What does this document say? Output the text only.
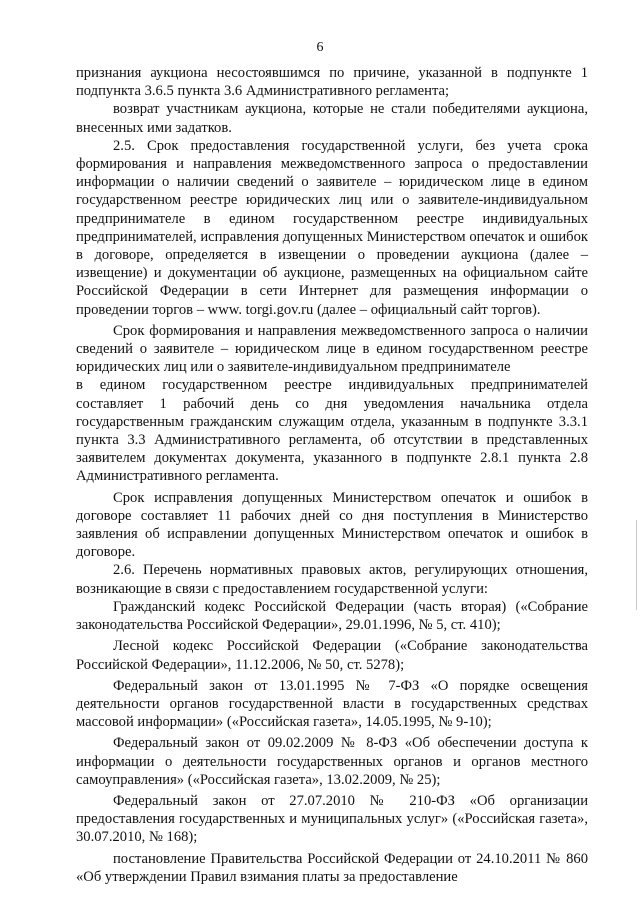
6

признания аукциона несостоявшимся по причине, указанной в подпункте 1 подпункта 3.6.5 пункта 3.6 Административного регламента;

возврат участникам аукциона, которые не стали победителями аукциона, внесенных ими задатков.

2.5. Срок предоставления государственной услуги, без учета срока формирования и направления межведомственного запроса о предоставлении информации о наличии сведений о заявителе – юридическом лице в едином государственном реестре юридических лиц или о заявителе-индивидуальном предпринимателе в едином государственном реестре индивидуальных предпринимателей, исправления допущенных Министерством опечаток и ошибок в договоре, определяется в извещении о проведении аукциона (далее – извещение) и документации об аукционе, размещенных на официальном сайте Российской Федерации в сети Интернет для размещения информации о проведении торгов – www. torgi.gov.ru (далее – официальный сайт торгов).

Срок формирования и направления межведомственного запроса о наличии сведений о заявителе – юридическом лице в едином государственном реестре юридических лиц или о заявителе-индивидуальном предпринимателе

в едином государственном реестре индивидуальных предпринимателей составляет 1 рабочий день со дня уведомления начальника отдела государственным гражданским служащим отдела, указанным в подпункте 3.3.1 пункта 3.3 Административного регламента, об отсутствии в представленных заявителем документах документа, указанного в подпункте 2.8.1 пункта 2.8 Административного регламента.

Срок исправления допущенных Министерством опечаток и ошибок в договоре составляет 11 рабочих дней со дня поступления в Министерство заявления об исправлении допущенных Министерством опечаток и ошибок в договоре.

2.6. Перечень нормативных правовых актов, регулирующих отношения, возникающие в связи с предоставлением государственной услуги:

Гражданский кодекс Российской Федерации (часть вторая) («Собрание законодательства Российской Федерации», 29.01.1996, № 5, ст. 410);

Лесной кодекс Российской Федерации («Собрание законодательства Российской Федерации», 11.12.2006, № 50, ст. 5278);

Федеральный закон от 13.01.1995 № 7-ФЗ «О порядке освещения деятельности органов государственной власти в государственных средствах массовой информации» («Российская газета», 14.05.1995, № 9-10);

Федеральный закон от 09.02.2009 № 8-ФЗ «Об обеспечении доступа к информации о деятельности государственных органов и органов местного самоуправления» («Российская газета», 13.02.2009, № 25);

Федеральный закон от 27.07.2010 № 210-ФЗ «Об организации предоставления государственных и муниципальных услуг» («Российская газета», 30.07.2010, № 168);

постановление Правительства Российской Федерации от 24.10.2011 № 860 «Об утверждении Правил взимания платы за предоставление
